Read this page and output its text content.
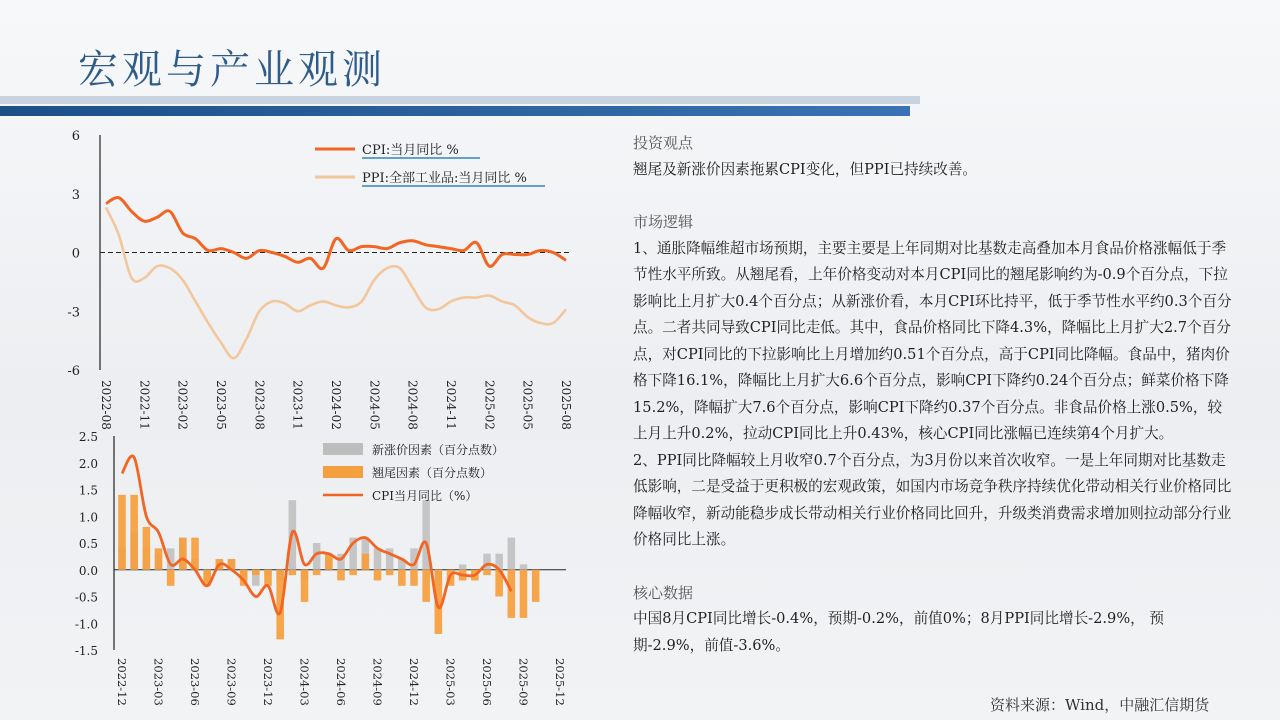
宏观与产业观测
6
3
0
-3
-6
2022-08 2022-11 2023-02 2023-05 2023-08 2023-11 2024-02 2024-05 2024-08 2024-11 2025-02 2025-05 2025-08
CPI:当月同比 %
PPI:全部工业品:当月同比 %
2.5
2.0
1.5
1.0
0.5
0.0
-0.5
-1.0
-1.5
2022-12 2023-03 2023-06 2023-09 2023-12 2024-03 2024-06 2024-09 2024-12 2025-03 2025-06 2025-09 2025-12
新涨价因素（百分点数）
翘尾因素（百分点数）
CPI当月同比（%）
投资观点

翘尾及新涨价因素拖累CPI变化，但PPI已持续改善。

市场逻辑

1、通胀降幅维超市场预期，主要主要是上年同期对比基数走高叠加本月食品价格涨幅低于季节性水平所致。从翘尾看，上年价格变动对本月CPI同比的翘尾影响约为-0.9个百分点，下拉影响比上月扩大0.4个百分点；从新涨价看，本月CPI环比持平，低于季节性水平约0.3个百分点。二者共同导致CPI同比走低。其中，食品价格同比下降4.3%，降幅比上月扩大2.7个百分点，对CPI同比的下拉影响比上月增加约0.51个百分点，高于CPI同比降幅。食品中，猪肉价格下降16.1%，降幅比上月扩大6.6个百分点，影响CPI下降约0.24个百分点；鲜菜价格下降15.2%，降幅扩大7.6个百分点，影响CPI下降约0.37个百分点。非食品价格上涨0.5%，较上月上升0.2%，拉动CPI同比上升0.43%，核心CPI同比涨幅已连续第4个月扩大。

2、PPI同比降幅较上月收窄0.7个百分点，为3月份以来首次收窄。一是上年同期对比基数走低影响，二是受益于更积极的宏观政策，如国内市场竞争秩序持续优化带动相关行业价格同比降幅收窄，新动能稳步成长带动相关行业价格同比回升，升级类消费需求增加则拉动部分行业价格同比上涨。

核心数据

中国8月CPI同比增长-0.4%，预期-0.2%，前值0%；8月PPI同比增长-2.9%， 预期-2.9%，前值-3.6%。

资料来源：Wind，中融汇信期货
